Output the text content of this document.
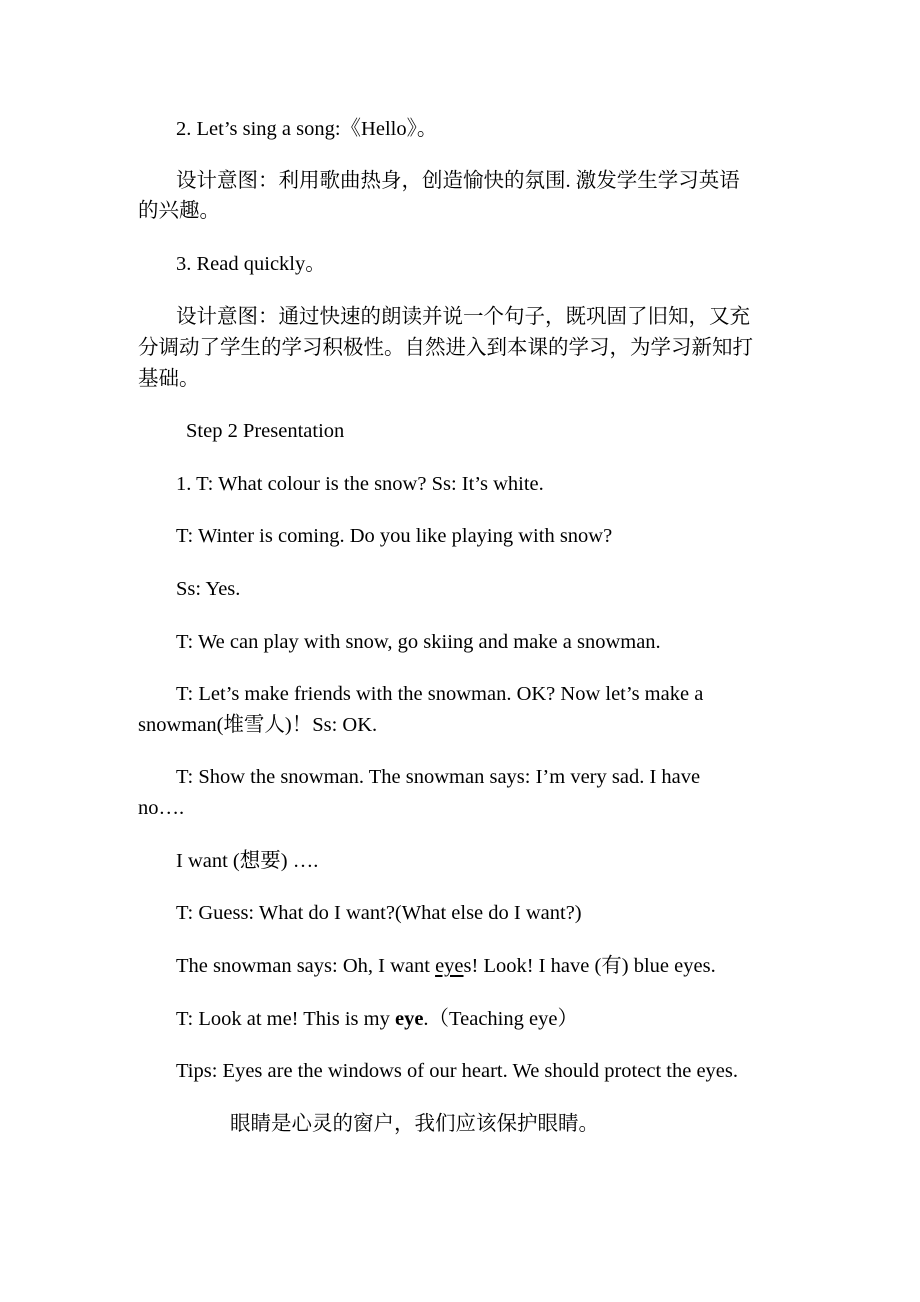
2. Let’s sing a song:《Hello》。

设计意图：利用歌曲热身，创造愉快的氛围. 激发学生学习英语

的兴趣。

3. Read quickly。

设计意图：通过快速的朗读并说一个句子，既巩固了旧知，又充

分调动了学生的学习积极性。自然进入到本课的学习，为学习新知打

基础。

Step 2 Presentation

1. T: What colour is the snow? Ss: It’s white.

T: Winter is coming. Do you like playing with snow?

Ss: Yes.

T: We can play with snow, go skiing and make a snowman.

T: Let’s make friends with the snowman. OK? Now let’s make a

snowman(堆雪人)！Ss: OK.

T: Show the snowman. The snowman says: I’m very sad. I have

no….

I want (想要) ….

T: Guess: What do I want?(What else do I want?)

The snowman says: Oh, I want eyes! Look! I have (有) blue eyes.

T: Look at me! This is my eye.（Teaching eye）

Tips: Eyes are the windows of our heart. We should protect the eyes.

眼睛是心灵的窗户，我们应该保护眼睛。
